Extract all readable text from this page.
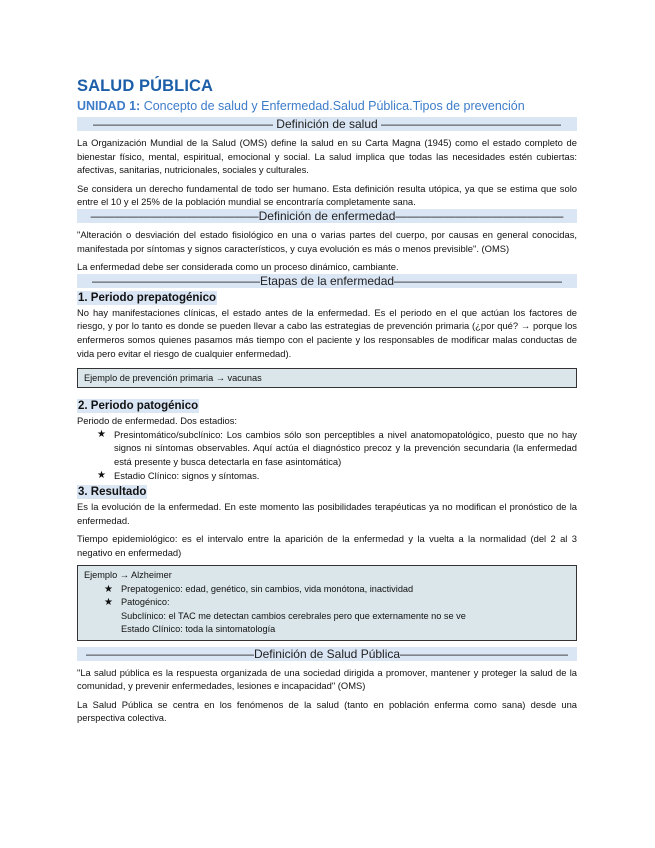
SALUD PÚBLICA
UNIDAD 1: Concepto de salud y Enfermedad.Salud Pública.Tipos de prevención
——————————————— Definición de salud ———————————————

La Organización Mundial de la Salud (OMS) define la salud en su Carta Magna (1945) como el estado completo de bienestar físico, mental, espiritual, emocional y social. La salud implica que todas las necesidades estén cubiertas: afectivas, sanitarias, nutricionales, sociales y culturales.

Se considera un derecho fundamental de todo ser humano. Esta definición resulta utópica, ya que se estima que solo entre el 10 y el 25% de la población mundial se encontraría completamente sana.

——————————————Definición de enfermedad——————————————

"Alteración o desviación del estado fisiológico en una o varias partes del cuerpo, por causas en general conocidas, manifestada por síntomas y signos característicos, y cuya evolución es más o menos previsible". (OMS)

La enfermedad debe ser considerada como un proceso dinámico, cambiante.

——————————————Etapas de la enfermedad——————————————
1. Periodo prepatogénico

No hay manifestaciones clínicas, el estado antes de la enfermedad. Es el periodo en el que actúan los factores de riesgo, y por lo tanto es donde se pueden llevar a cabo las estrategias de prevención primaria (¿por qué? → porque los enfermeros somos quienes pasamos más tiempo con el paciente y los responsables de modificar malas conductas de vida pero evitar el riesgo de cualquier enfermedad).

Ejemplo de prevención primaria → vacunas
2. Periodo patogénico

Periodo de enfermedad. Dos estadios:

★ Presintomático/subclínico: Los cambios sólo son perceptibles a nivel anatomopatológico, puesto que no hay signos ni síntomas observables. Aquí actúa el diagnóstico precoz y la prevención secundaria (la enfermedad está presente y busca detectarla en fase asintomática)
★ Estadio Clínico: signos y síntomas.
3. Resultado

Es la evolución de la enfermedad. En este momento las posibilidades terapéuticas ya no modifican el pronóstico de la enfermedad.

Tiempo epidemiológico: es el intervalo entre la aparición de la enfermedad y la vuelta a la normalidad (del 2 al 3 negativo en enfermedad)

Ejemplo → Alzheimer
★ Prepatogenico: edad, genético, sin cambios, vida monótona, inactividad
★ Patogénico:
Subclínico: el TAC me detectan cambios cerebrales pero que externamente no se ve
Estado Clínico: toda la sintomatología
——————————————Definición de Salud Pública——————————————

"La salud pública es la respuesta organizada de una sociedad dirigida a promover, mantener y proteger la salud de la comunidad, y prevenir enfermedades, lesiones e incapacidad" (OMS)

La Salud Pública se centra en los fenómenos de la salud (tanto en población enferma como sana) desde una perspectiva colectiva.
